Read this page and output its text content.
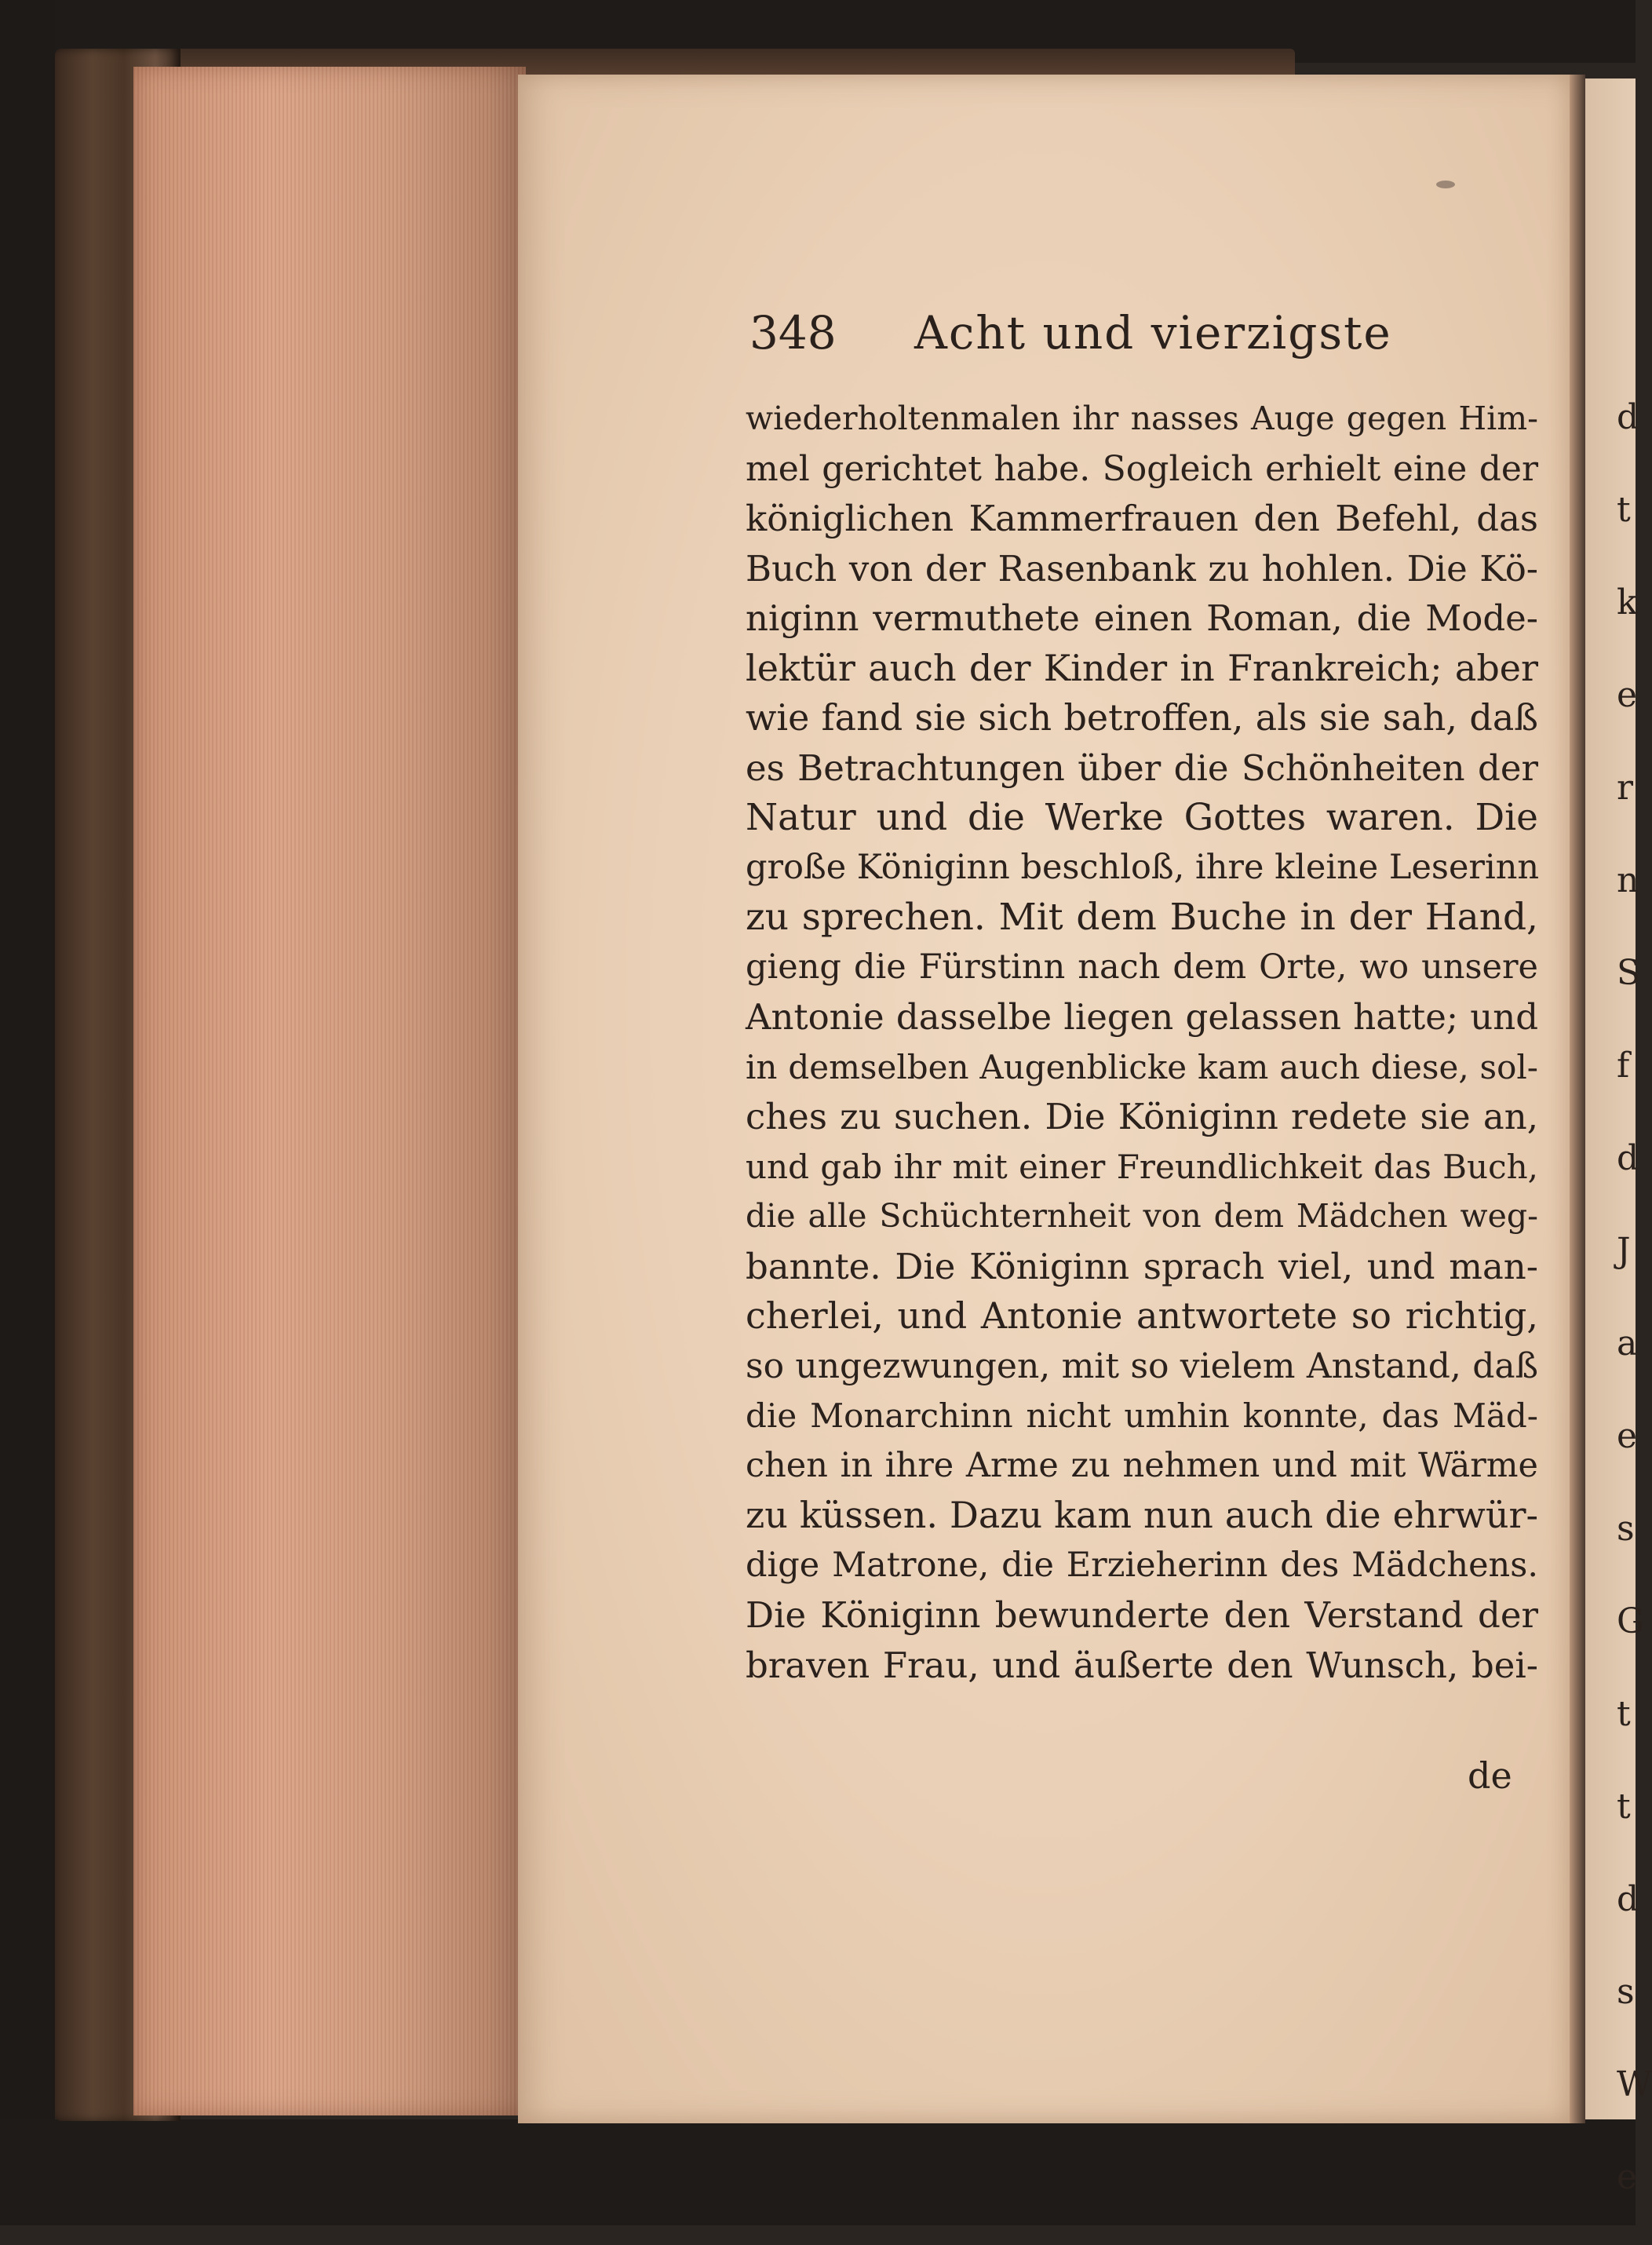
348 Acht und vierzigste
wiederholtenmalen ihr nasses Auge gegen Him-
mel gerichtet habe. Sogleich erhielt eine der
königlichen Kammerfrauen den Befehl, das
Buch von der Rasenbank zu hohlen. Die Kö-
niginn vermuthete einen Roman, die Mode-
lektür auch der Kinder in Frankreich; aber
wie fand sie sich betroffen, als sie sah, daß
es Betrachtungen über die Schönheiten der
Natur und die Werke Gottes waren. Die
große Königinn beschloß, ihre kleine Leserinn
zu sprechen. Mit dem Buche in der Hand,
gieng die Fürstinn nach dem Orte, wo unsere
Antonie dasselbe liegen gelassen hatte; und
in demselben Augenblicke kam auch diese, sol-
ches zu suchen. Die Königinn redete sie an,
und gab ihr mit einer Freundlichkeit das Buch,
die alle Schüchternheit von dem Mädchen weg-
bannte. Die Königinn sprach viel, und man-
cherlei, und Antonie antwortete so richtig,
so ungezwungen, mit so vielem Anstand, daß
die Monarchinn nicht umhin konnte, das Mäd-
chen in ihre Arme zu nehmen und mit Wärme
zu küssen. Dazu kam nun auch die ehrwür-
dige Matrone, die Erzieherinn des Mädchens.
Die Königinn bewunderte den Verstand der
braven Frau, und äußerte den Wunsch, bei-
de
d
t
k
e
r
n
S
f
d
J
a
e
s
G
t
t
d
s
W
e
